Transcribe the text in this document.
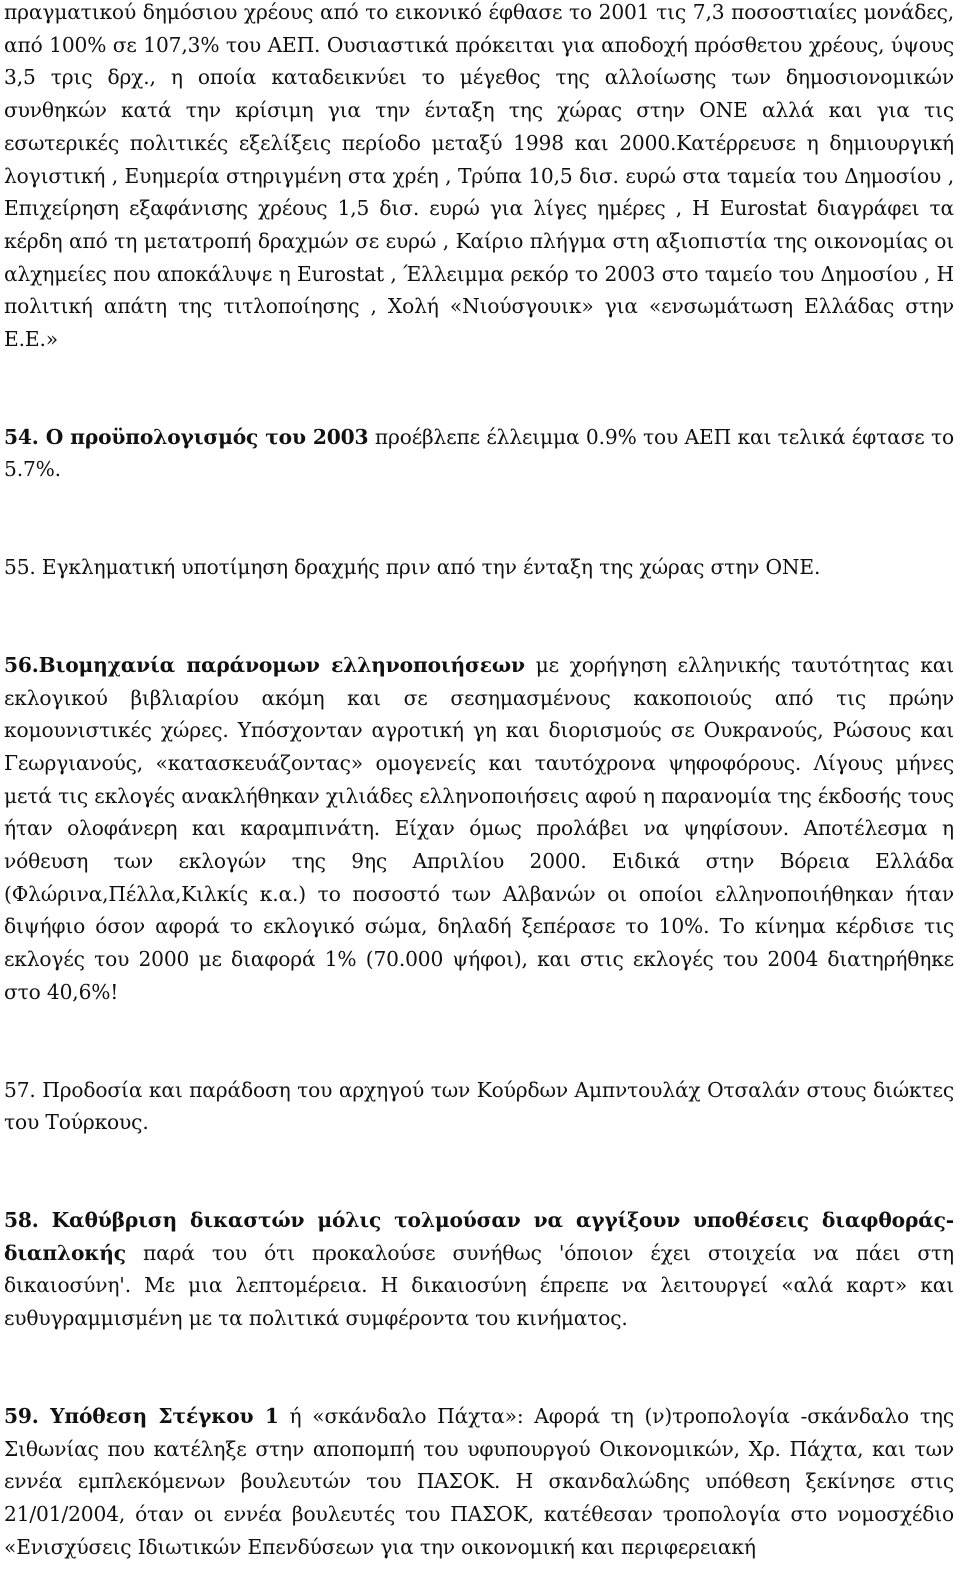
πραγματικού δημόσιου χρέους από το εικονικό έφθασε το 2001 τις 7,3 ποσοστιαίες μονάδες, από 100% σε 107,3% του ΑΕΠ. Ουσιαστικά πρόκειται για αποδοχή πρόσθετου χρέους, ύψους 3,5 τρις δρχ., η οποία καταδεικνύει το μέγεθος της αλλοίωσης των δημοσιονομικών συνθηκών κατά την κρίσιμη για την ένταξη της χώρας στην ΟΝΕ αλλά και για τις εσωτερικές πολιτικές εξελίξεις περίοδο μεταξύ 1998 και 2000.Κατέρρευσε η δημιουργική λογιστική , Ευημερία στηριγμένη στα χρέη , Τρύπα 10,5 δισ. ευρώ στα ταμεία του Δημοσίου , Επιχείρηση εξαφάνισης χρέους 1,5 δισ. ευρώ για λίγες ημέρες , Η Eurostat διαγράφει τα κέρδη από τη μετατροπή δραχμών σε ευρώ , Καίριο πλήγμα στη αξιοπιστία της οικονομίας οι αλχημείες που αποκάλυψε η Eurostat , Έλλειμμα ρεκόρ το 2003 στο ταμείο του Δημοσίου , Η πολιτική απάτη της τιτλοποίησης , Χολή «Νιούσγουικ» για «ενσωμάτωση Ελλάδας στην Ε.Ε.»

54. Ο προϋπολογισμός του 2003 προέβλεπε έλλειμμα 0.9% του ΑΕΠ και τελικά έφτασε το 5.7%.

55. Εγκληματική υποτίμηση δραχμής πριν από την ένταξη της χώρας στην ΟΝΕ.

56.Βιομηχανία παράνομων ελληνοποιήσεων με χορήγηση ελληνικής ταυτότητας και εκλογικού βιβλιαρίου ακόμη και σε σεσημασμένους κακοποιούς από τις πρώην κομουνιστικές χώρες. Υπόσχονταν αγροτική γη και διορισμούς σε Ουκρανούς, Ρώσους και Γεωργιανούς, «κατασκευάζοντας» ομογενείς και ταυτόχρονα ψηφοφόρους. Λίγους μήνες μετά τις εκλογές ανακλήθηκαν χιλιάδες ελληνοποιήσεις αφού η παρανομία της έκδοσής τους ήταν ολοφάνερη και καραμπινάτη. Είχαν όμως προλάβει να ψηφίσουν. Αποτέλεσμα η νόθευση των εκλογών της 9ης Απριλίου 2000. Ειδικά στην Βόρεια Ελλάδα (Φλώρινα,Πέλλα,Κιλκίς κ.α.) το ποσοστό των Αλβανών οι οποίοι ελληνοποιήθηκαν ήταν διψήφιο όσον αφορά το εκλογικό σώμα, δηλαδή ξεπέρασε το 10%. Το κίνημα κέρδισε τις εκλογές του 2000 με διαφορά 1% (70.000 ψήφοι), και στις εκλογές του 2004 διατηρήθηκε στο 40,6%!

57. Προδοσία και παράδοση του αρχηγού των Κούρδων Αμπντουλάχ Οτσαλάν στους διώκτες του Τούρκους.

58. Καθύβριση δικαστών μόλις τολμούσαν να αγγίξουν υποθέσεις διαφθοράς-διαπλοκής παρά του ότι προκαλούσε συνήθως 'όποιον έχει στοιχεία να πάει στη δικαιοσύνη'. Με μια λεπτομέρεια. Η δικαιοσύνη έπρεπε να λειτουργεί «αλά καρτ» και ευθυγραμμισμένη με τα πολιτικά συμφέροντα του κινήματος.

59. Υπόθεση Στέγκου 1 ή «σκάνδαλο Πάχτα»: Αφορά τη (ν)τροπολογία -σκάνδαλο της Σιθωνίας που κατέληξε στην αποπομπή του υφυπουργού Οικονομικών, Χρ. Πάχτα, και των εννέα εμπλεκόμενων βουλευτών του ΠΑΣΟΚ. Η σκανδαλώδης υπόθεση ξεκίνησε στις 21/01/2004, όταν οι εννέα βουλευτές του ΠΑΣΟΚ, κατέθεσαν τροπολογία στο νομοσχέδιο «Ενισχύσεις Ιδιωτικών Επενδύσεων για την οικονομική και περιφερειακή
